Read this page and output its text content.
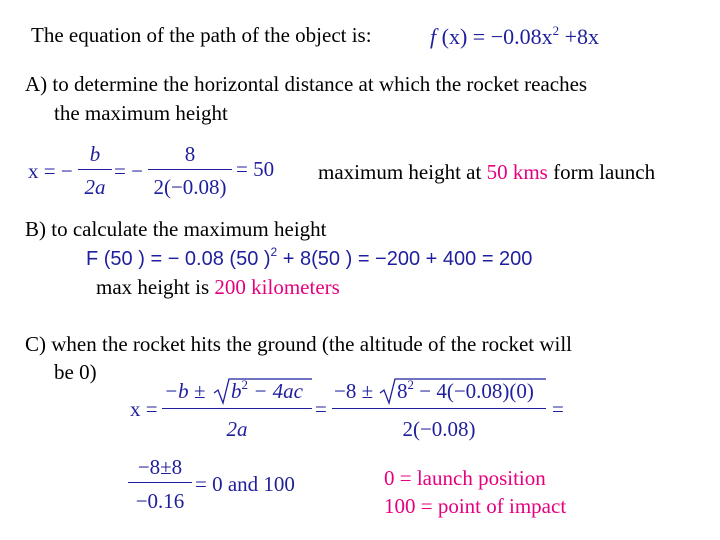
The equation of the path of the object is:	f $(x) = -0.08x^2 +8x$
A) to determine the horizontal distance at which the rocket reaches
the maximum height
x = −
b
2a
= −
8
2(−0.08)
= 50 maximum height at 50 kms form launch
B) to calculate the maximum height
F (50 ) = − 0.08 (50 )$^2$ + 8(50 ) = −200 + 400 = 200
max height is 200 kilometers
C) when the rocket hits the ground (the altitude of the rocket will
be 0)
x =
$-b \pm b^2 - 4ac$
2a
=
$-8 \pm 8^2 - 4(-0.08)(0)$
2(−0.08)
=
−8±8
−0.16
= 0 and 100	0 = launch position
100 = point of impact
